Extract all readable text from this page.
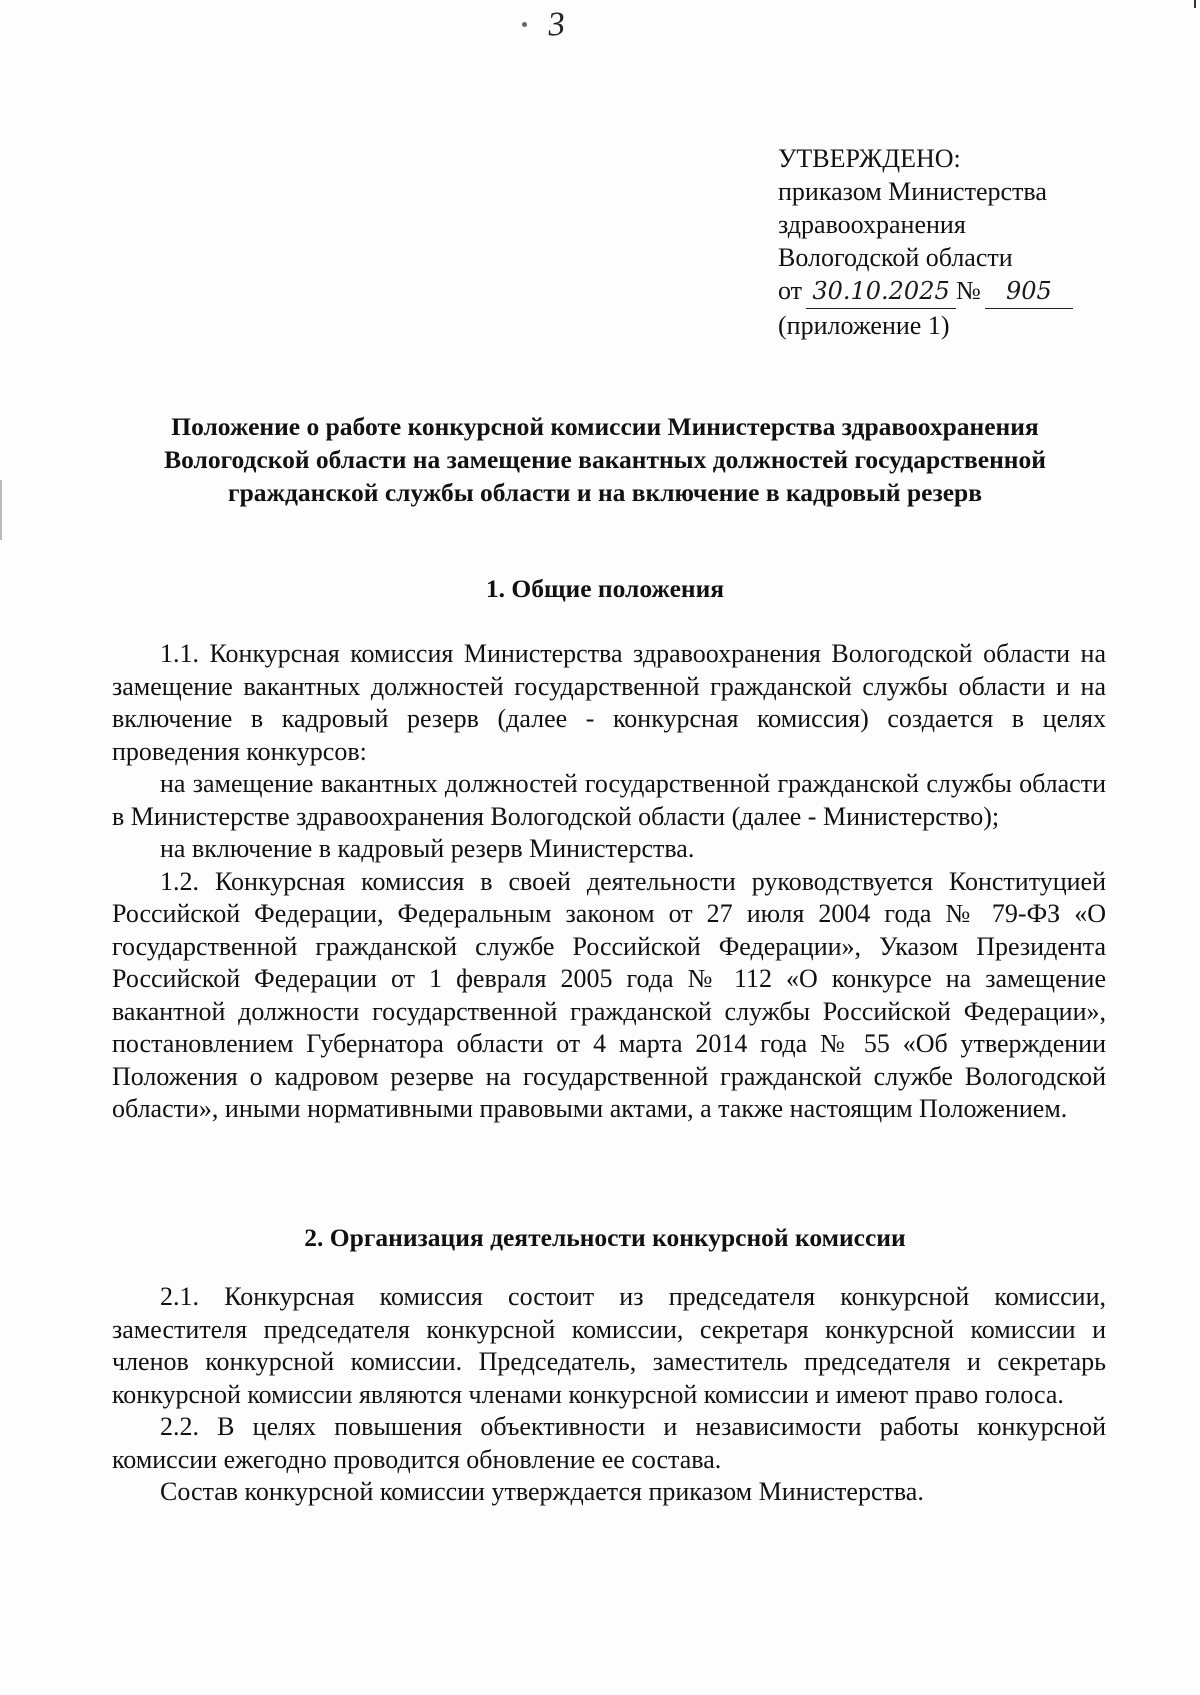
3
УТВЕРЖДЕНО:
приказом Министерства
здравоохранения
Вологодской области
от 30.10.2025 № 905
(приложение 1)
Положение о работе конкурсной комиссии Министерства здравоохранения
Вологодской области на замещение вакантных должностей государственной
гражданской службы области и на включение в кадровый резерв
1. Общие положения

1.1. Конкурсная комиссия Министерства здравоохранения Вологодской области на замещение вакантных должностей государственной гражданской службы области и на включение в кадровый резерв (далее - конкурсная комиссия) создается в целях проведения конкурсов:

на замещение вакантных должностей государственной гражданской службы области в Министерстве здравоохранения Вологодской области (далее - Министерство);

на включение в кадровый резерв Министерства.

1.2. Конкурсная комиссия в своей деятельности руководствуется Конституцией Российской Федерации, Федеральным законом от 27 июля 2004 года № 79-ФЗ «О государственной гражданской службе Российской Федерации», Указом Президента Российской Федерации от 1 февраля 2005 года № 112 «О конкурсе на замещение вакантной должности государственной гражданской службы Российской Федерации», постановлением Губернатора области от 4 марта 2014 года № 55 «Об утверждении Положения о кадровом резерве на государственной гражданской службе Вологодской области», иными нормативными правовыми актами, а также настоящим Положением.

2. Организация деятельности конкурсной комиссии

2.1. Конкурсная комиссия состоит из председателя конкурсной комиссии, заместителя председателя конкурсной комиссии, секретаря конкурсной комиссии и членов конкурсной комиссии. Председатель, заместитель председателя и секретарь конкурсной комиссии являются членами конкурсной комиссии и имеют право голоса.

2.2. В целях повышения объективности и независимости работы конкурсной комиссии ежегодно проводится обновление ее состава.

Состав конкурсной комиссии утверждается приказом Министерства.
